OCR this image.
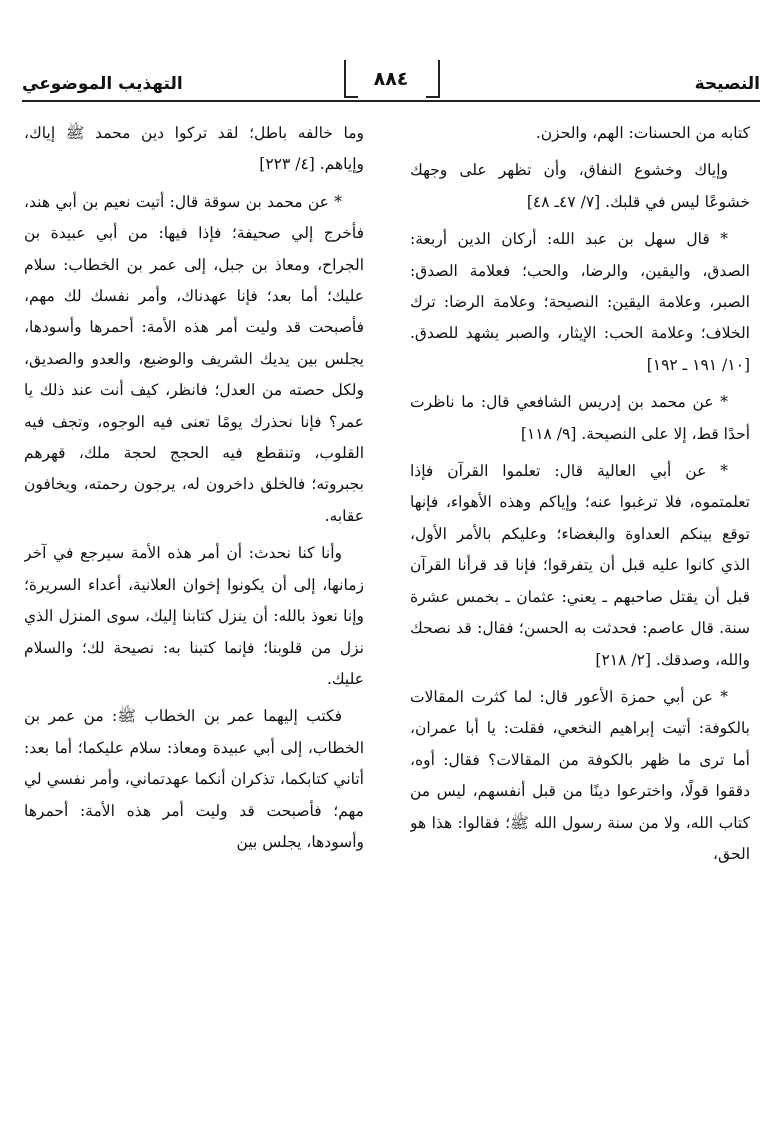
النصيحة
٨٨٤
التهذيب الموضوعي

كتابه من الحسنات: الهم، والحزن.

وإياك وخشوع النفاق، وأن تظهر على وجهك خشوعًا ليس في قلبك. [٧/ ٤٧ـ ٤٨]

* قال سهل بن عبد الله: أركان الدين أربعة: الصدق، واليقين، والرضا، والحب؛ فعلامة الصدق: الصبر، وعلامة اليقين: النصيحة؛ وعلامة الرضا: ترك الخلاف؛ وعلامة الحب: الإيثار، والصبر يشهد للصدق. [١٠/ ١٩١ ـ ١٩٢]

* عن محمد بن إدريس الشافعي قال: ما ناظرت أحدًا قط، إلا على النصيحة. [٩/ ١١٨]

* عن أبي العالية قال: تعلموا القرآن فإذا تعلمتموه، فلا ترغبوا عنه؛ وإياكم وهذه الأهواء، فإنها توقع بينكم العداوة والبغضاء؛ وعليكم بالأمر الأول، الذي كانوا عليه قبل أن يتفرقوا؛ فإنا قد قرأنا القرآن قبل أن يقتل صاحبهم ـ يعني: عثمان ـ بخمس عشرة سنة. قال عاصم: فحدثت به الحسن؛ فقال: قد نصحك والله، وصدقك. [٢/ ٢١٨]

* عن أبي حمزة الأعور قال: لما كثرت المقالات بالكوفة: أتيت إبراهيم النخعي، فقلت: يا أبا عمران، أما ترى ما ظهر بالكوفة من المقالات؟ فقال: أوه، دققوا قولًا، واخترعوا دينًا من قبل أنفسهم، ليس من كتاب الله، ولا من سنة رسول الله ﷺ؛ فقالوا: هذا هو الحق،

وما خالفه باطل؛ لقد تركوا دين محمد ﷺ إياك، وإياهم. [٤/ ٢٢٣]

* عن محمد بن سوقة قال: أتيت نعيم بن أبي هند، فأخرج إلي صحيفة؛ فإذا فيها: من أبي عبيدة بن الجراح، ومعاذ بن جبل، إلى عمر بن الخطاب: سلام عليك؛ أما بعد؛ فإنا عهدناك، وأمر نفسك لك مهم، فأصبحت قد وليت أمر هذه الأمة: أحمرها وأسودها، يجلس بين يديك الشريف والوضيع، والعدو والصديق، ولكل حصته من العدل؛ فانظر، كيف أنت عند ذلك يا عمر؟ فإنا نحذرك يومًا تعنى فيه الوجوه، وتجف فيه القلوب، وتنقطع فيه الحجج لحجة ملك، قهرهم بجبروته؛ فالخلق داخرون له، يرجون رحمته، ويخافون عقابه.

وأنا كنا نحدث: أن أمر هذه الأمة سيرجع في آخر زمانها، إلى أن يكونوا إخوان العلانية، أعداء السريرة؛ وإنا نعوذ بالله: أن ينزل كتابنا إليك، سوى المنزل الذي نزل من قلوبنا؛ فإنما كتبنا به: نصيحة لك؛ والسلام عليك.

فكتب إليهما عمر بن الخطاب ﷺ: من عمر بن الخطاب، إلى أبي عبيدة ومعاذ: سلام عليكما؛ أما بعد: أتاني كتابكما، تذكران أنكما عهدتماني، وأمر نفسي لي مهم؛ فأصبحت قد وليت أمر هذه الأمة: أحمرها وأسودها، يجلس بين
